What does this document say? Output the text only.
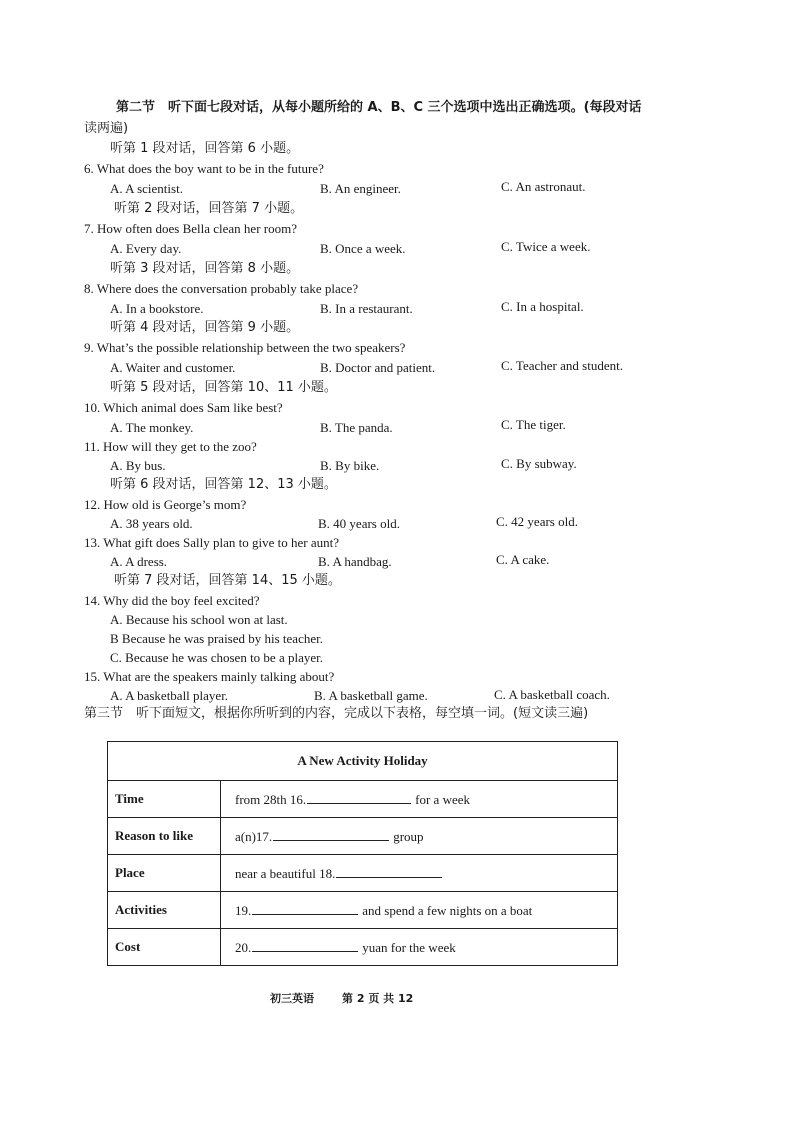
第二节　听下面七段对话，从每小题所给的 A、B、C 三个选项中选出正确选项。(每段对话
读两遍)
听第 1 段对话，回答第 6 小题。
6. What does the boy want to be in the future?
A. A scientist.	B. An engineer.	C. An astronaut.
听第 2 段对话，回答第 7 小题。
7. How often does Bella clean her room?
A. Every day.	B. Once a week.	C. Twice a week.
听第 3 段对话，回答第 8 小题。
8. Where does the conversation probably take place?
A. In a bookstore.	B. In a restaurant.	C. In a hospital.
听第 4 段对话，回答第 9 小题。
9. What’s the possible relationship between the two speakers?
A. Waiter and customer.	B. Doctor and patient.	C. Teacher and student.
听第 5 段对话，回答第 10、11 小题。
10. Which animal does Sam like best?
A. The monkey.	B. The panda.	C. The tiger.
11. How will they get to the zoo?
A. By bus.	B. By bike.	C. By subway.
听第 6 段对话，回答第 12、13 小题。
12. How old is George’s mom?
A. 38 years old.	B. 40 years old.	C. 42 years old.
13. What gift does Sally plan to give to her aunt?
A. A dress.	B. A handbag.	C. A cake.
听第 7 段对话，回答第 14、15 小题。
14. Why did the boy feel excited?
A. Because his school won at last.
B Because he was praised by his teacher.
C. Because he was chosen to be a player.
15. What are the speakers mainly talking about?
A. A basketball player.	B. A basketball game.	C. A basketball coach.
第三节　听下面短文，根据你所听到的内容，完成以下表格，每空填一词。(短文读三遍)
A New Activity Holiday	
Time	from 28th 16. for a week
Reason to like	a(n)17. group
Place	near a beautiful 18.
Activities	19. and spend a few nights on a boat
Cost	20. yuan for the week
初三英语	第 2 页 共 12
